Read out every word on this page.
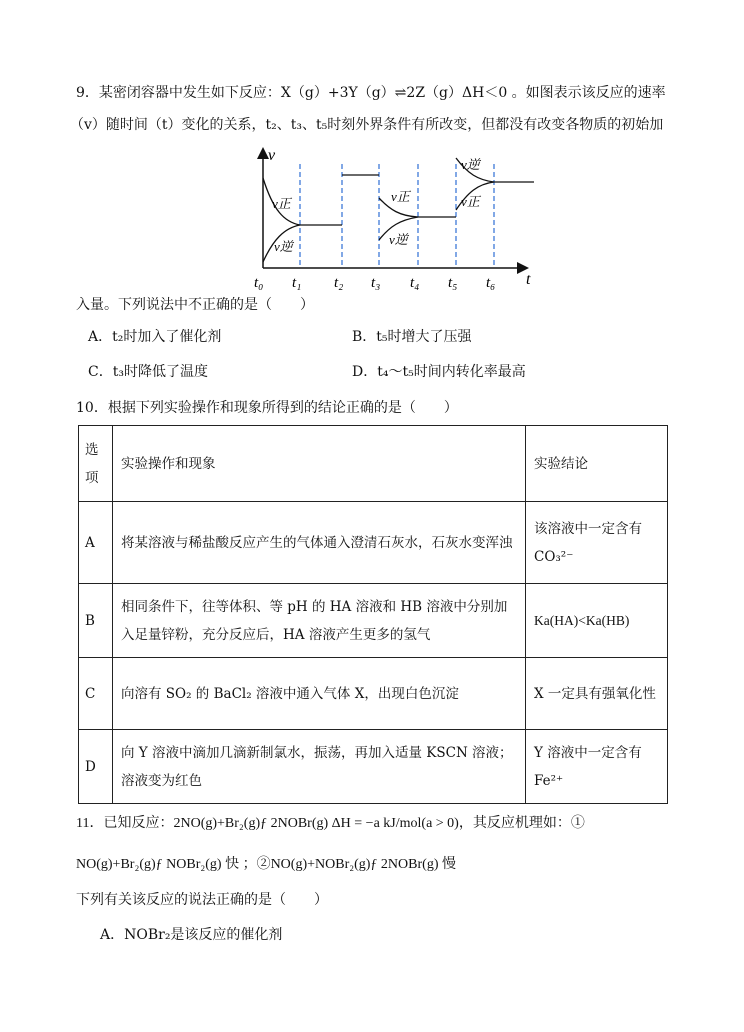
9．某密闭容器中发生如下反应：X（g）+3Y（g）⇌2Z（g）ΔH＜0 。如图表示该反应的速率
（v）随时间（t）变化的关系，t₂、t₃、t₅时刻外界条件有所改变，但都没有改变各物质的初始加
v
t
v正
v逆
v正
v逆
v逆
v正
t₀ t₁ t₂ t₃ t₄ t₅ t₆
入量。下列说法中不正确的是（　　）
A．t₂时加入了催化剂	B．t₅时增大了压强
C．t₃时降低了温度	D．t₄～t₅时间内转化率最高
10．根据下列实验操作和现象所得到的结论正确的是（　　）
选项	实验操作和现象	实验结论
A	将某溶液与稀盐酸反应产生的气体通入澄清石灰水，石灰水变浑浊	该溶液中一定含有CO₃²⁻
B	相同条件下，往等体积、等 pH 的 HA 溶液和 HB 溶液中分别加入足量锌粉，充分反应后，HA 溶液产生更多的氢气	Ka(HA)<Ka(HB)
C	向溶有 SO₂ 的 BaCl₂ 溶液中通入气体 X，出现白色沉淀	X 一定具有强氧化性
D	向 Y 溶液中滴加几滴新制氯水，振荡，再加入适量 KSCN 溶液；溶液变为红色	Y 溶液中一定含有 Fe²⁺
11．已知反应：2NO(g)+Br₂(g)ƒ 2NOBr(g) ΔH = −a kJ/mol(a > 0)，其反应机理如：①
NO(g)+Br₂(g)ƒ NOBr₂(g) 快 ；②NO(g)+NOBr₂(g)ƒ 2NOBr(g) 慢
下列有关该反应的说法正确的是（　　）
A．NOBr₂是该反应的催化剂
